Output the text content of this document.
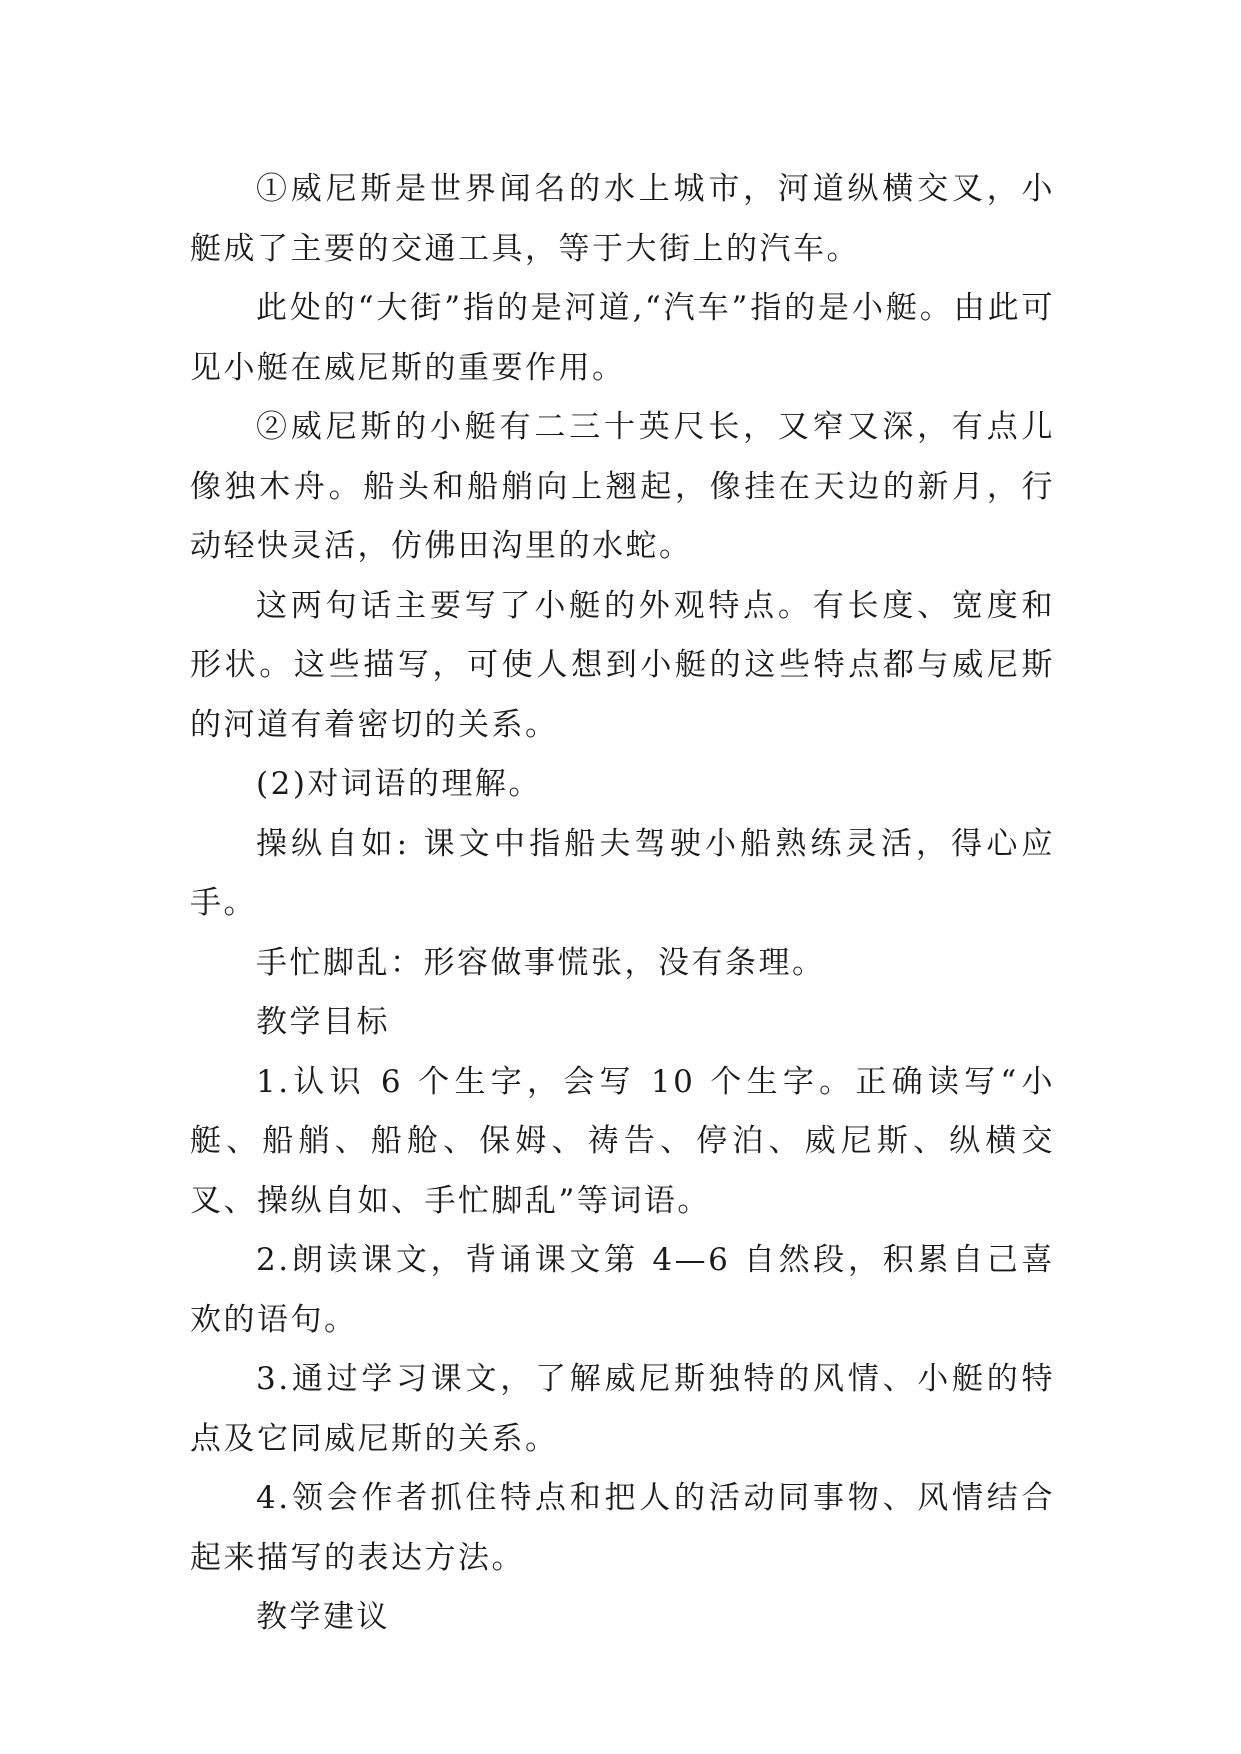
①威尼斯是世界闻名的水上城市，河道纵横交叉，小艇成了主要的交通工具，等于大街上的汽车。

此处的“大街”指的是河道,“汽车”指的是小艇。由此可见小艇在威尼斯的重要作用。

②威尼斯的小艇有二三十英尺长，又窄又深，有点儿像独木舟。船头和船艄向上翘起，像挂在天边的新月，行动轻快灵活，仿佛田沟里的水蛇。

这两句话主要写了小艇的外观特点。有长度、宽度和形状。这些描写，可使人想到小艇的这些特点都与威尼斯的河道有着密切的关系。

(2)对词语的理解。

操纵自如: 课文中指船夫驾驶小船熟练灵活，得心应手。

手忙脚乱：形容做事慌张，没有条理。

教学目标

1.认识 6 个生字，会写 10 个生字。正确读写“小艇、船艄、船舱、保姆、祷告、停泊、威尼斯、纵横交叉、操纵自如、手忙脚乱”等词语。

2.朗读课文，背诵课文第 4—6 自然段，积累自己喜欢的语句。

3.通过学习课文，了解威尼斯独特的风情、小艇的特点及它同威尼斯的关系。

4.领会作者抓住特点和把人的活动同事物、风情结合起来描写的表达方法。

教学建议
